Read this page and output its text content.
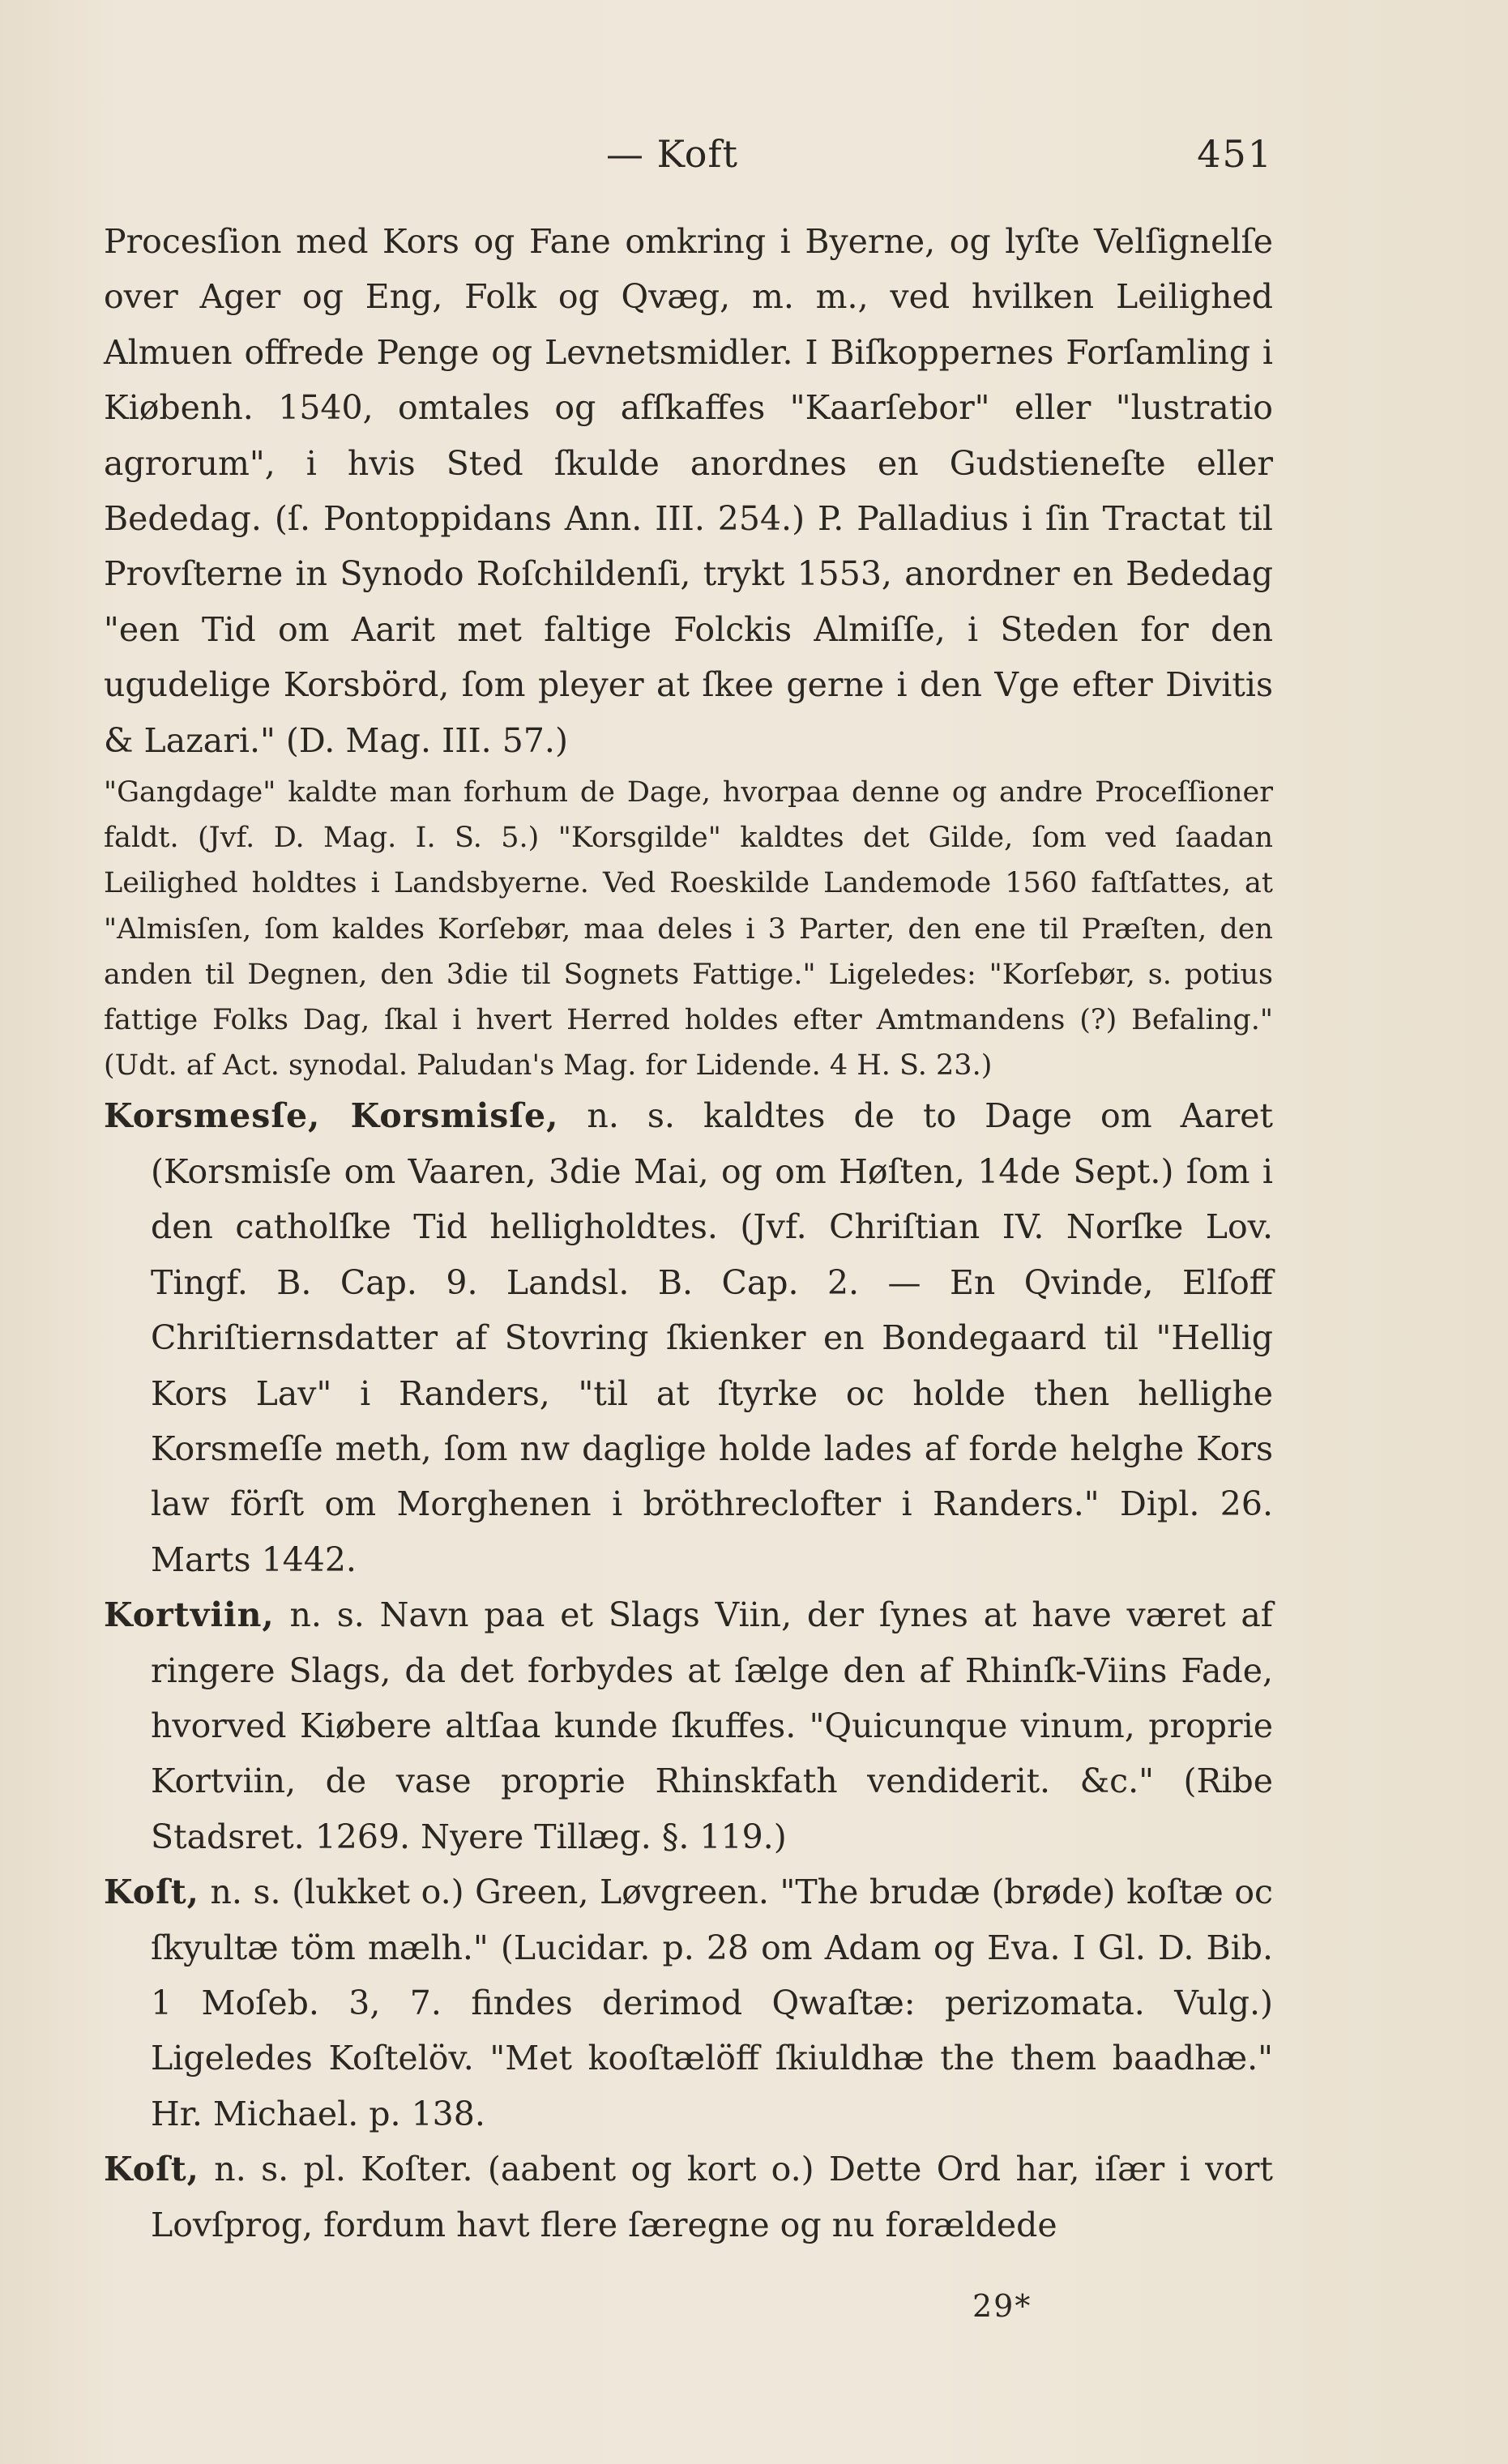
— Koft	451

Procesſion med Kors og Fane omkring i Byerne, og lyſte Velſignelſe over Ager og Eng, Folk og Qvæg, m. m., ved hvilken Leilighed Almuen offrede Penge og Levnetsmidler. I Biſkoppernes Forſamling i Kiøbenh. 1540, omtales og afſkaffes "Kaarſebor" eller "lustratio agrorum", i hvis Sted ſkulde anordnes en Gudstieneſte eller Bededag. (ſ. Pontoppidans Ann. III. 254.) P. Palladius i ſin Tractat til Provſterne in Synodo Roſchildenſi, trykt 1553, anordner en Bededag "een Tid om Aarit met faltige Folckis Almiſſe, i Steden for den ugudelige Korsbörd, ſom pleyer at ſkee gerne i den Vge efter Divitis & Lazari." (D. Mag. III. 57.)

"Gangdage" kaldte man forhum de Dage, hvorpaa denne og andre Proceſſioner faldt. (Jvf. D. Mag. I. S. 5.) "Korsgilde" kaldtes det Gilde, ſom ved ſaadan Leilighed holdtes i Landsbyerne. Ved Roeskilde Landemode 1560 faſtſattes, at "Almisſen, ſom kaldes Korſebør, maa deles i 3 Parter, den ene til Præſten, den anden til Degnen, den 3die til Sognets Fattige." Ligeledes: "Korſebør, s. potius fattige Folks Dag, ſkal i hvert Herred holdes efter Amtmandens (?) Befaling." (Udt. af Act. synodal. Paludan's Mag. for Lidende. 4 H. S. 23.)

Korsmesſe, Korsmisſe, n. s. kaldtes de to Dage om Aaret (Korsmisſe om Vaaren, 3die Mai, og om Høſten, 14de Sept.) ſom i den catholſke Tid helligholdtes. (Jvf. Chriſtian IV. Norſke Lov. Tingf. B. Cap. 9. Landsl. B. Cap. 2. — En Qvinde, Elſoff Chriſtiernsdatter af Stovring ſkienker en Bondegaard til "Hellig Kors Lav" i Randers, "til at ſtyrke oc holde then hellighe Korsmeſſe meth, ſom nw daglige holde lades af forde helghe Kors law förſt om Morghenen i bröthreclofter i Randers." Dipl. 26. Marts 1442.

Kortviin, n. s. Navn paa et Slags Viin, der ſynes at have været af ringere Slags, da det forbydes at ſælge den af Rhinſk-Viins Fade, hvorved Kiøbere altſaa kunde ſkuffes. "Quicunque vinum, proprie Kortviin, de vase proprie Rhinskfath vendiderit. &c." (Ribe Stadsret. 1269. Nyere Tillæg. §. 119.)

Koſt, n. s. (lukket o.) Green, Løvgreen. "The brudæ (brøde) koſtæ oc ſkyultæ töm mælh." (Lucidar. p. 28 om Adam og Eva. I Gl. D. Bib. 1 Moſeb. 3, 7. findes derimod Qwaſtæ: perizomata. Vulg.) Ligeledes Koſtelöv. "Met kooſtælöff ſkiuldhæ the them baadhæ." Hr. Michael. p. 138.

Koſt, n. s. pl. Koſter. (aabent og kort o.) Dette Ord har, iſær i vort Lovſprog, fordum havt flere ſæregne og nu forældede

29*
